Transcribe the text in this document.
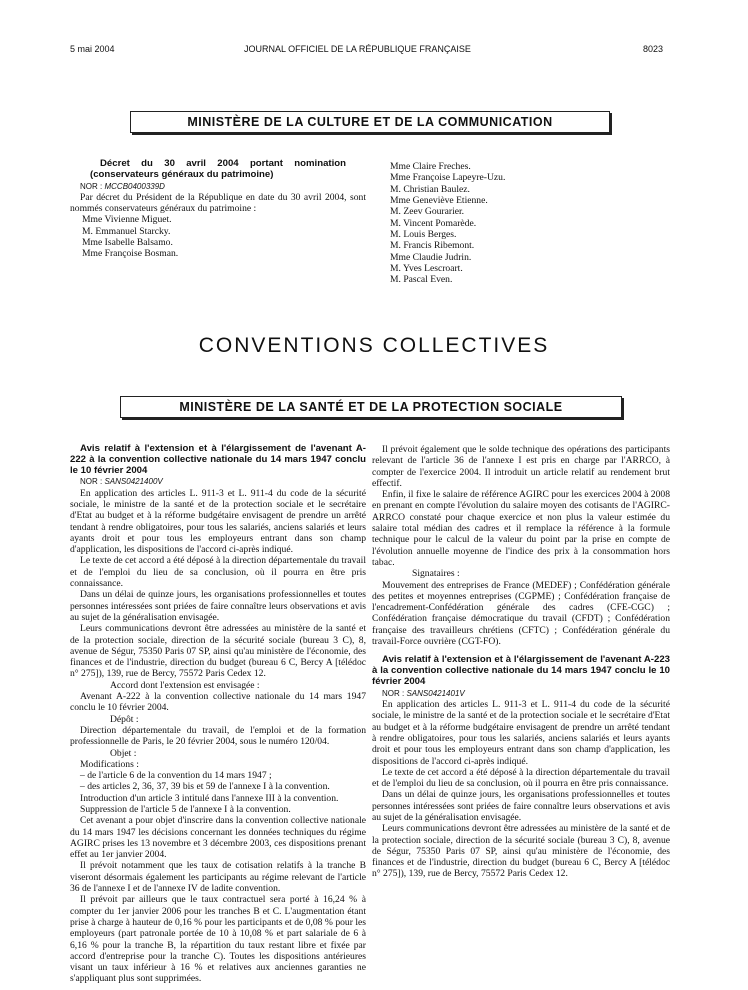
5 mai 2004	JOURNAL OFFICIEL DE LA RÉPUBLIQUE FRANÇAISE	8023
MINISTÈRE DE LA CULTURE ET DE LA COMMUNICATION

Décret du 30 avril 2004 portant nomination (conservateurs généraux du patrimoine)

NOR : MCCB0400339D

Par décret du Président de la République en date du 30 avril 2004, sont nommés conservateurs généraux du patrimoine :

Mme Vivienne Miguet.

M. Emmanuel Starcky.

Mme Isabelle Balsamo.

Mme Françoise Bosman.

Mme Claire Freches.

Mme Françoise Lapeyre-Uzu.

M. Christian Baulez.

Mme Geneviève Etienne.

M. Zeev Gourarier.

M. Vincent Pomarède.

M. Louis Berges.

M. Francis Ribemont.

Mme Claudie Judrin.

M. Yves Lescroart.

M. Pascal Even.

CONVENTIONS COLLECTIVES
MINISTÈRE DE LA SANTÉ ET DE LA PROTECTION SOCIALE

Avis relatif à l'extension et à l'élargissement de l'avenant A-222 à la convention collective nationale du 14 mars 1947 conclu le 10 février 2004

NOR : SANS0421400V

En application des articles L. 911-3 et L. 911-4 du code de la sécurité sociale, le ministre de la santé et de la protection sociale et le secrétaire d'Etat au budget et à la réforme budgétaire envisagent de prendre un arrêté tendant à rendre obligatoires, pour tous les salariés, anciens salariés et leurs ayants droit et pour tous les employeurs entrant dans son champ d'application, les dispositions de l'accord ci-après indiqué.

Le texte de cet accord a été déposé à la direction départementale du travail et de l'emploi du lieu de sa conclusion, où il pourra en être pris connaissance.

Dans un délai de quinze jours, les organisations professionnelles et toutes personnes intéressées sont priées de faire connaître leurs observations et avis au sujet de la généralisation envisagée.

Leurs communications devront être adressées au ministère de la santé et de la protection sociale, direction de la sécurité sociale (bureau 3 C), 8, avenue de Ségur, 75350 Paris 07 SP, ainsi qu'au ministère de l'économie, des finances et de l'industrie, direction du budget (bureau 6 C, Bercy A [télédoc n° 275]), 139, rue de Bercy, 75572 Paris Cedex 12.

Accord dont l'extension est envisagée :

Avenant A-222 à la convention collective nationale du 14 mars 1947 conclu le 10 février 2004.

Dépôt :

Direction départementale du travail, de l'emploi et de la formation professionnelle de Paris, le 20 février 2004, sous le numéro 120/04.

Objet :

Modifications :

– de l'article 6 de la convention du 14 mars 1947 ;

– des articles 2, 36, 37, 39 bis et 59 de l'annexe I à la convention.

Introduction d'un article 3 intitulé dans l'annexe III à la convention.

Suppression de l'article 5 de l'annexe I à la convention.

Cet avenant a pour objet d'inscrire dans la convention collective nationale du 14 mars 1947 les décisions concernant les données techniques du régime AGIRC prises les 13 novembre et 3 décembre 2003, ces dispositions prenant effet au 1er janvier 2004.

Il prévoit notamment que les taux de cotisation relatifs à la tranche B viseront désormais également les participants au régime relevant de l'article 36 de l'annexe I et de l'annexe IV de ladite convention.

Il prévoit par ailleurs que le taux contractuel sera porté à 16,24 % à compter du 1er janvier 2006 pour les tranches B et C. L'augmentation étant prise à charge à hauteur de 0,16 % pour les participants et de 0,08 % pour les employeurs (part patronale portée de 10 à 10,08 % et part salariale de 6 à 6,16 % pour la tranche B, la répartition du taux restant libre et fixée par accord d'entreprise pour la tranche C). Toutes les dispositions antérieures visant un taux inférieur à 16 % et relatives aux anciennes garanties ne s'appliquant plus sont supprimées.

Il prévoit également que le solde technique des opérations des participants relevant de l'article 36 de l'annexe I est pris en charge par l'ARRCO, à compter de l'exercice 2004. Il introduit un article relatif au rendement brut effectif.

Enfin, il fixe le salaire de référence AGIRC pour les exercices 2004 à 2008 en prenant en compte l'évolution du salaire moyen des cotisants de l'AGIRC-ARRCO constaté pour chaque exercice et non plus la valeur estimée du salaire total médian des cadres et il remplace la référence à la formule technique pour le calcul de la valeur du point par la prise en compte de l'évolution annuelle moyenne de l'indice des prix à la consommation hors tabac.

Signataires :

Mouvement des entreprises de France (MEDEF) ; Confédération générale des petites et moyennes entreprises (CGPME) ; Confédération française de l'encadrement-Confédération générale des cadres (CFE-CGC) ; Confédération française démocratique du travail (CFDT) ; Confédération française des travailleurs chrétiens (CFTC) ; Confédération générale du travail-Force ouvrière (CGT-FO).

Avis relatif à l'extension et à l'élargissement de l'avenant A-223 à la convention collective nationale du 14 mars 1947 conclu le 10 février 2004

NOR : SANS0421401V

En application des articles L. 911-3 et L. 911-4 du code de la sécurité sociale, le ministre de la santé et de la protection sociale et le secrétaire d'Etat au budget et à la réforme budgétaire envisagent de prendre un arrêté tendant à rendre obligatoires, pour tous les salariés, anciens salariés et leurs ayants droit et pour tous les employeurs entrant dans son champ d'application, les dispositions de l'accord ci-après indiqué.

Le texte de cet accord a été déposé à la direction départementale du travail et de l'emploi du lieu de sa conclusion, où il pourra en être pris connaissance.

Dans un délai de quinze jours, les organisations professionnelles et toutes personnes intéressées sont priées de faire connaître leurs observations et avis au sujet de la généralisation envisagée.

Leurs communications devront être adressées au ministère de la santé et de la protection sociale, direction de la sécurité sociale (bureau 3 C), 8, avenue de Ségur, 75350 Paris 07 SP, ainsi qu'au ministère de l'économie, des finances et de l'industrie, direction du budget (bureau 6 C, Bercy A [télédoc n° 275]), 139, rue de Bercy, 75572 Paris Cedex 12.
